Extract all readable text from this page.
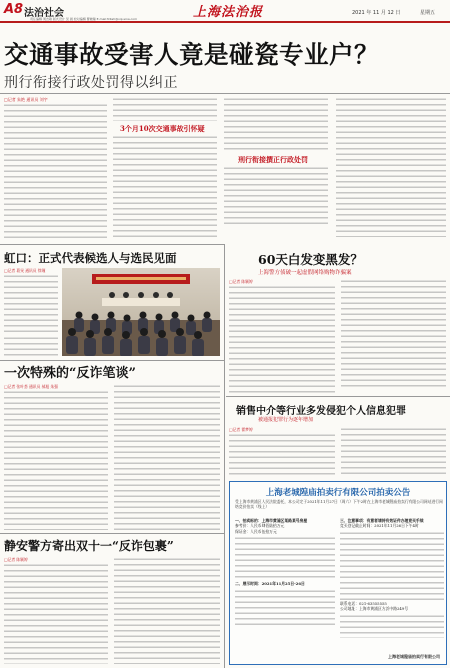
A8 法治社会
责任编辑 周吉敏 版式设计 吴 晨 校对编辑 曹晓瑞 E-mail:fzbsh@vip.sina.com	上海法治报	2021 年 11 月 12 日	星期五
交通事故受害人竟是碰瓷专业户？
刑行衔接行政处罚得以纠正
□记者 朱艳 通讯员 刘宇
3个月10次交通事故引怀疑
刑行衔接撰正行政处罚
虹口：正式代表候选人与选民见面
□记者 葛旻 通讯员 徐瑾
一次特殊的“反诈笔谈”
□记者 张叶荟 通讯员 郝旭 朱强
静安警方寄出双十一“反诈包裹”
□记者 陈颖婷
60天白发变黑发？
上海警方侦破一起虚假网络购物诈骗案
□记者 陈颖婷
销售中介等行业多发侵犯个人信息犯罪
被通报犯罪行为逐年增加
□记者 翟梦婷
上海老城隍庙拍卖行有限公司拍卖公告
受上海市黄浦区人民法院委托，本公司定于2021年11月27日（周六）下午2时在上海市老城隍庙拍卖行有限公司网站进行网络竞价拍卖（线上）
一、拍卖标的：上海市黄浦区某路某号房屋
参考价：人民币肆佰陆拾万元
保证金：人民币伍拾万元
二、展示时间：2021年11月25日-26日
三、注意事项：有意者请持有效证件办理竞买手续
竞买登记截止时间：2021年11月26日下午4时
联系电话：021-63555555
公司地址：上海市黄浦区方浜中路249号
上海老城隍庙拍卖行有限公司
